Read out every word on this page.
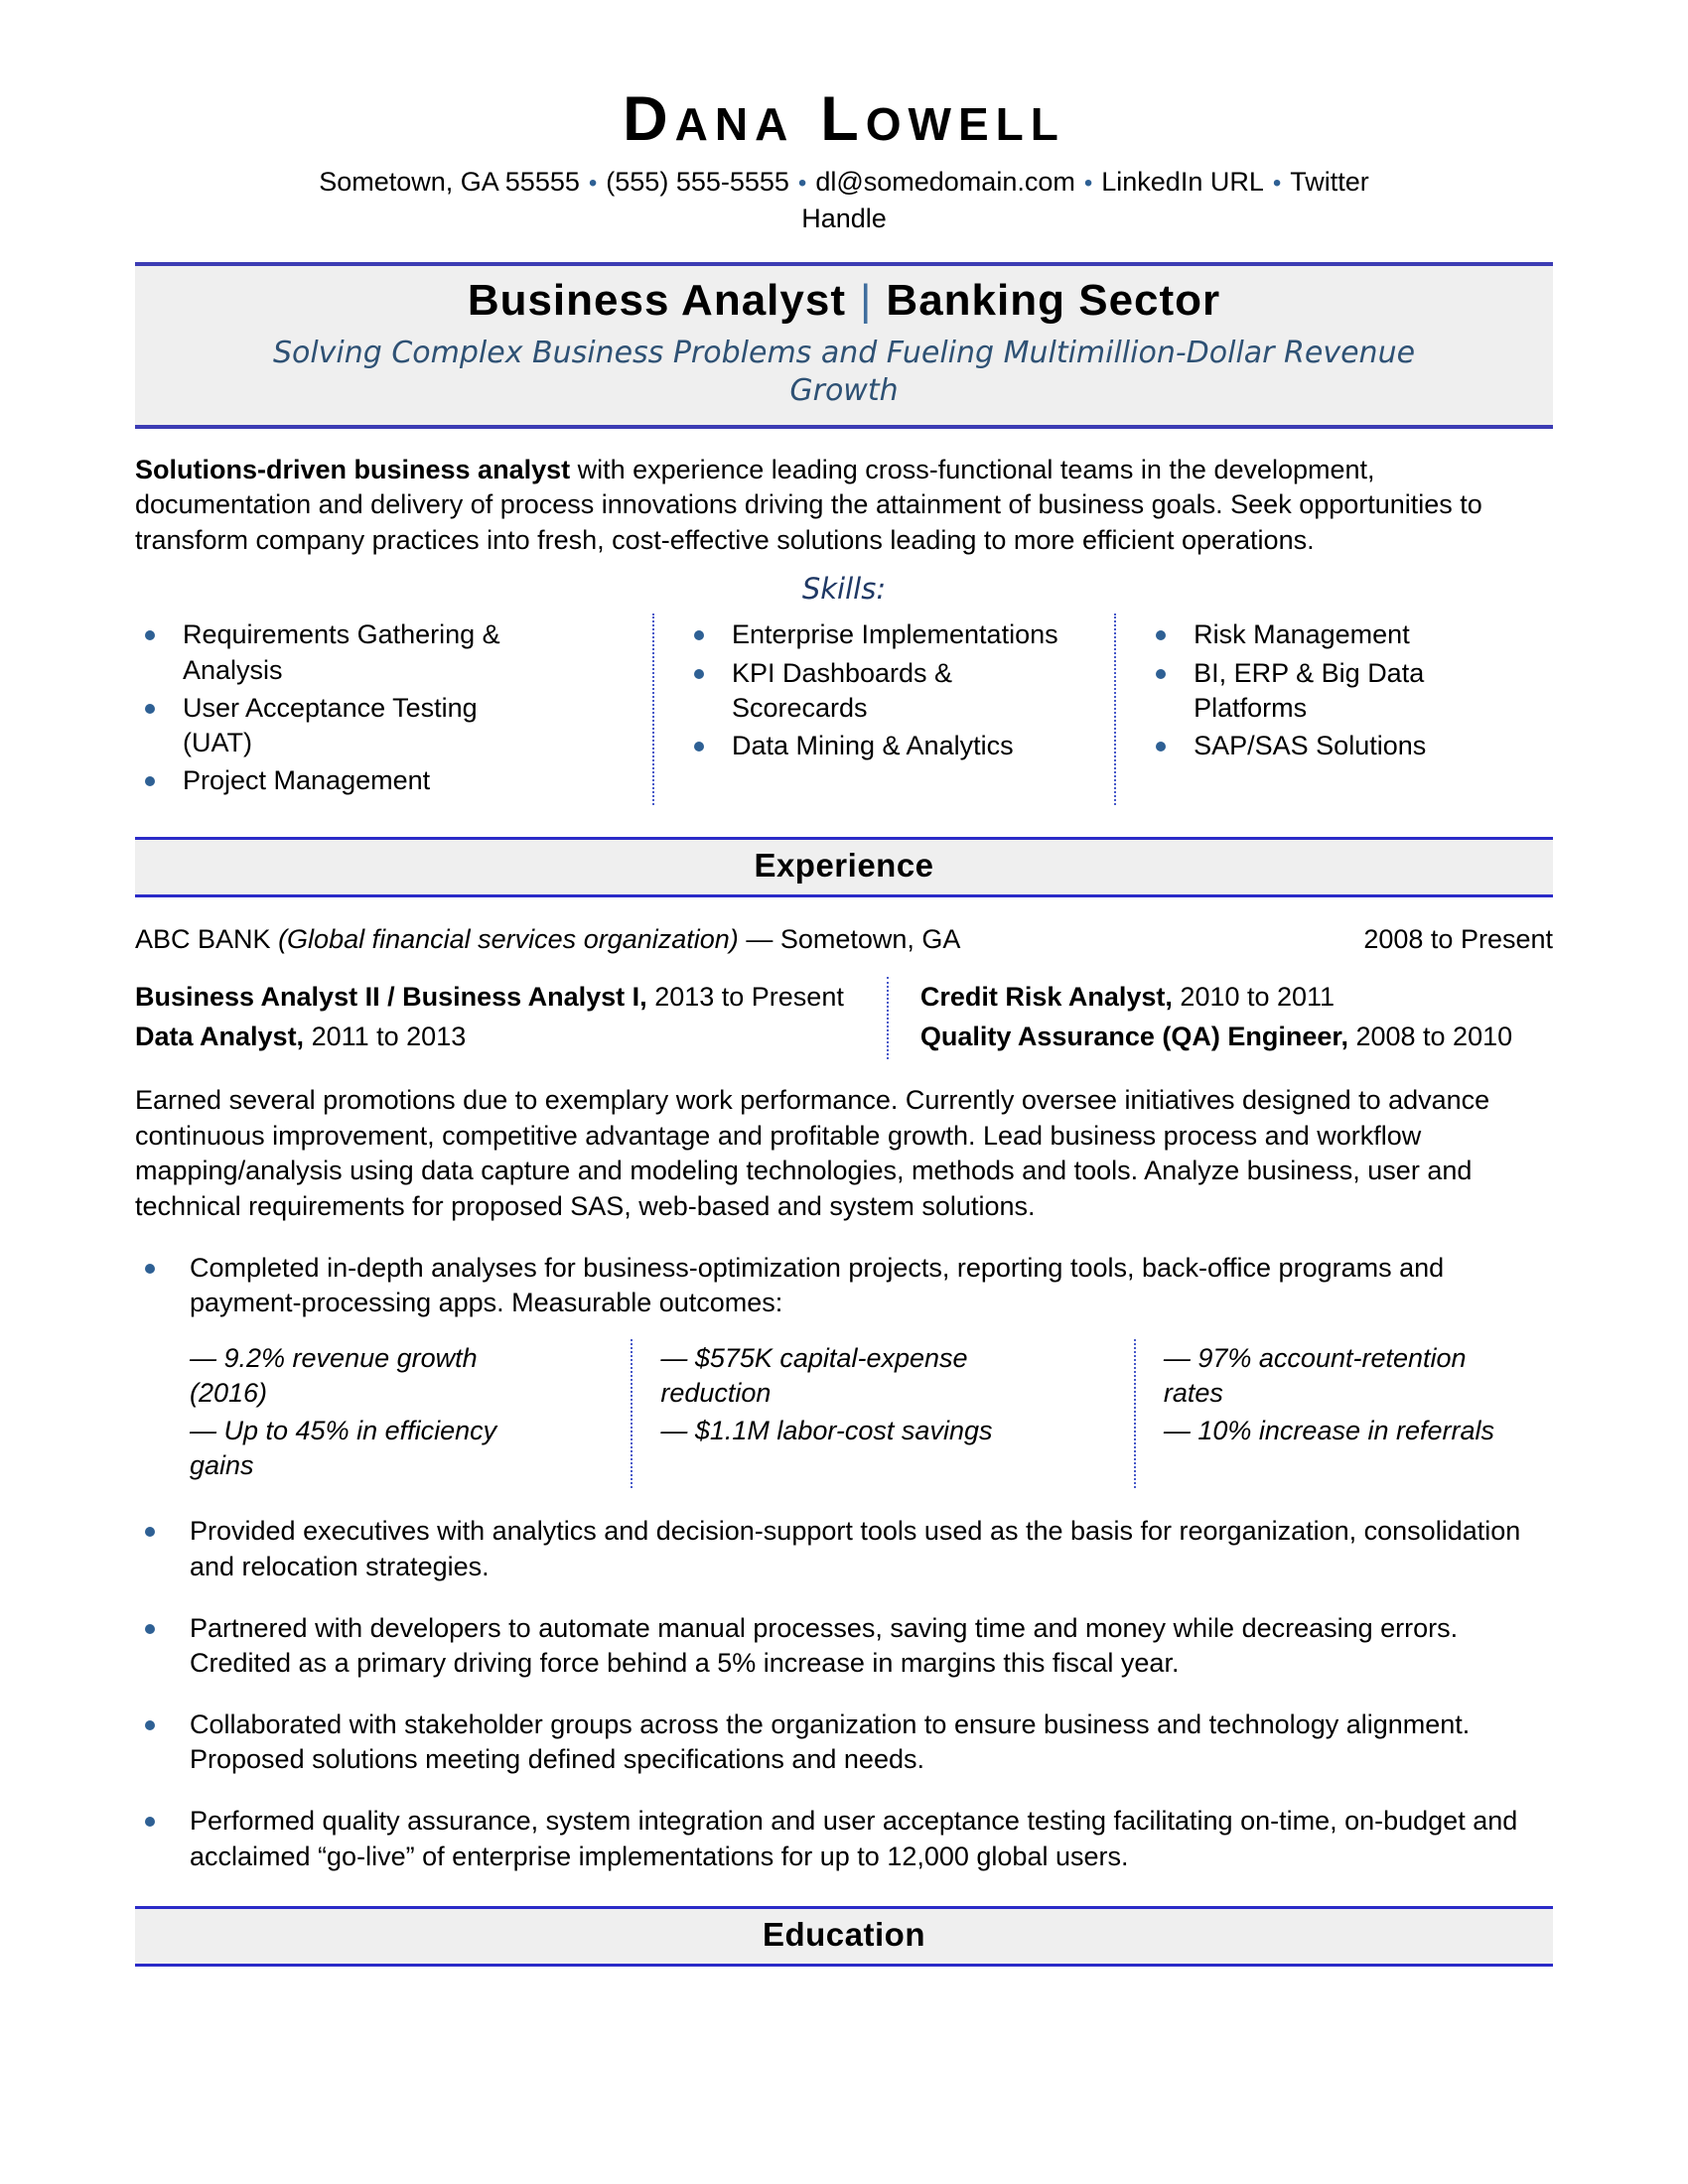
DANA LOWELL
Sometown, GA 55555 • (555) 555-5555 • dl@somedomain.com • LinkedIn URL • Twitter Handle
Business Analyst | Banking Sector
Solving Complex Business Problems and Fueling Multimillion-Dollar Revenue Growth

Solutions-driven business analyst with experience leading cross-functional teams in the development, documentation and delivery of process innovations driving the attainment of business goals. Seek opportunities to transform company practices into fresh, cost-effective solutions leading to more efficient operations.

Skills:
Requirements Gathering & Analysis
User Acceptance Testing (UAT)
Project Management
Enterprise Implementations
KPI Dashboards & Scorecards
Data Mining & Analytics
Risk Management
BI, ERP & Big Data Platforms
SAP/SAS Solutions
Experience
ABC BANK (Global financial services organization) — Sometown, GA	2008 to Present
Business Analyst II / Business Analyst I, 2013 to Present
Data Analyst, 2011 to 2013
Credit Risk Analyst, 2010 to 2011
Quality Assurance (QA) Engineer, 2008 to 2010

Earned several promotions due to exemplary work performance. Currently oversee initiatives designed to advance continuous improvement, competitive advantage and profitable growth. Lead business process and workflow mapping/analysis using data capture and modeling technologies, methods and tools. Analyze business, user and technical requirements for proposed SAS, web-based and system solutions.

Completed in-depth analyses for business-optimization projects, reporting tools, back-office programs and payment-processing apps. Measurable outcomes:
— 9.2% revenue growth (2016)
— Up to 45% in efficiency gains
— $575K capital-expense reduction
— $1.1M labor-cost savings
— 97% account-retention rates
— 10% increase in referrals
Provided executives with analytics and decision-support tools used as the basis for reorganization, consolidation and relocation strategies.
Partnered with developers to automate manual processes, saving time and money while decreasing errors. Credited as a primary driving force behind a 5% increase in margins this fiscal year.
Collaborated with stakeholder groups across the organization to ensure business and technology alignment. Proposed solutions meeting defined specifications and needs.
Performed quality assurance, system integration and user acceptance testing facilitating on-time, on-budget and acclaimed “go-live” of enterprise implementations for up to 12,000 global users.
Education
